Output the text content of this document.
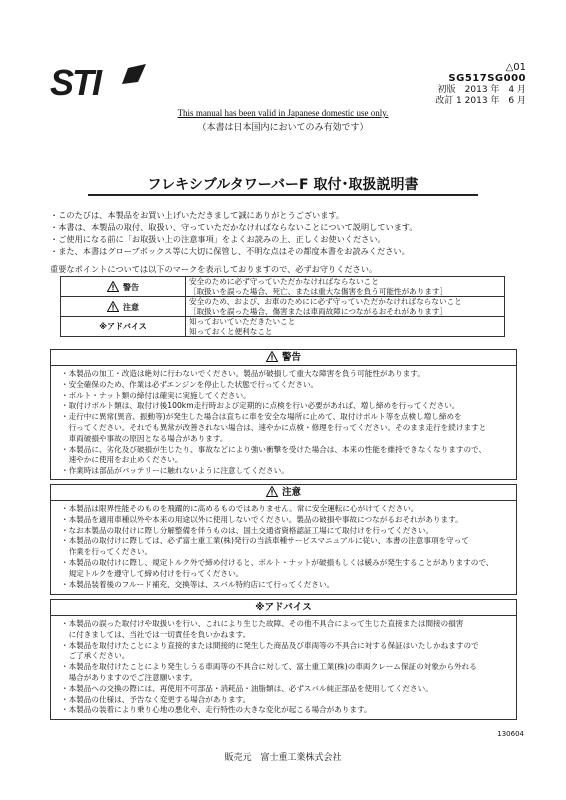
STI	△01
SG517SG000
初版　2013 年　4 月
改訂 1 2013 年　6 月
This manual has been valid in Japanese domestic use only.
（本書は日本国内においてのみ有効です）
フレキシブルタワーバーF 取付･取扱説明書
・このたびは、本製品をお買い上げいただきまして誠にありがとうございます。
・本書は、本製品の取付、取扱い、守っていただかなければならないことについて説明しています。
・ご使用になる前に「お取扱い上の注意事項」をよくお読みの上、正しくお使いください。
・また、本書はグローブボックス等に大切に保管し、不明な点はその都度本書をお読みください。
重要なポイントについては以下のマークを表示しておりますので、必ずお守りください。
警告	安全のために必ず守っていただかなければならないこと
［取扱いを誤った場合、死亡、または重大な傷害を負う可能性があります］

注意	安全のため、および、お車のためにに必ず守っていただかなければならないこと
［取扱いを誤った場合、傷害または車両故障につながるおそれがあります］

※アドバイス	知っておいていただきたいこと
知っておくと便利なこと
警告
・本製品の加工・改造は絶対に行わないでください。製品が破損して重大な障害を負う可能性があります。
・安全確保のため、作業は必ずエンジンを停止した状態で行ってください。
・ボルト・ナット類の締付は確実に実施してください。
・取付けボルト類は、取付け後100km走行時および定期的に点検を行い必要があれば、増し締めを行ってください。
・走行中に異常(異音、振動等)が発生した場合は直ちに車を安全な場所に止めて、取付けボルト等を点検し増し締めを
　行ってください。それでも異常が改善されない場合は、速やかに点検・修理を行ってください。そのまま走行を続けますと
　車両破損や事故の原因となる場合があります。
・本製品に、劣化及び破損が生じたり、事故などにより強い衝撃を受けた場合は、本来の性能を維持できなくなりますので、
　速やかに使用をお止めください。
・作業時は部品がバッテリーに触れないように注意してください。
注意
・本製品は限界性能そのものを飛躍的に高めるものではありません。常に安全運転に心がけてください。
・本製品を適用車種以外や本来の用途以外に使用しないでください。製品の破損や事故につながるおそれがあります。
・なお本製品の取付けに際し分解整備を伴うものは、国土交通省資格認証工場にて取付けを行ってください。
・本製品の取付けに際しては、必ず富士重工業(株)発行の当該車種サービスマニュアルに従い、本書の注意事項を守って
　作業を行ってください。
・本製品の取付けに際し、規定トルク外で締め付けると、ボルト・ナットが破損もしくは緩みが発生することがありますので、
　規定トルクを遵守して締め付けを行ってください。
・本製品装着後のフルード補充、交換等は、スバル特約店にて行ってください。
※アドバイス
・本製品の誤った取付けや取扱いを行い、これにより生じた故障、その他不具合によって生じた直接または間接の損害
　に付きましては、当社では一切責任を負いかねます。
・本製品を取付けたことにより直接的または間接的に発生した商品及び車両等の不具合に対する保証はいたしかねますので
　ご了承ください。
・本製品を取付けたことにより発生しうる車両等の不具合に対して、富士重工業(株)の車両クレーム保証の対象から外れる
　場合がありますのでご注意願います。
・本製品への交換の際には、再使用不可部品・消耗品・油脂類は、必ずスバル純正部品を使用してください。
・本製品の仕様は、予告なく変更する場合があります。
・本製品の装着により乗り心地の悪化や、走行特性の大きな変化が起こる場合があります。
130604
販売元　富士重工業株式会社
